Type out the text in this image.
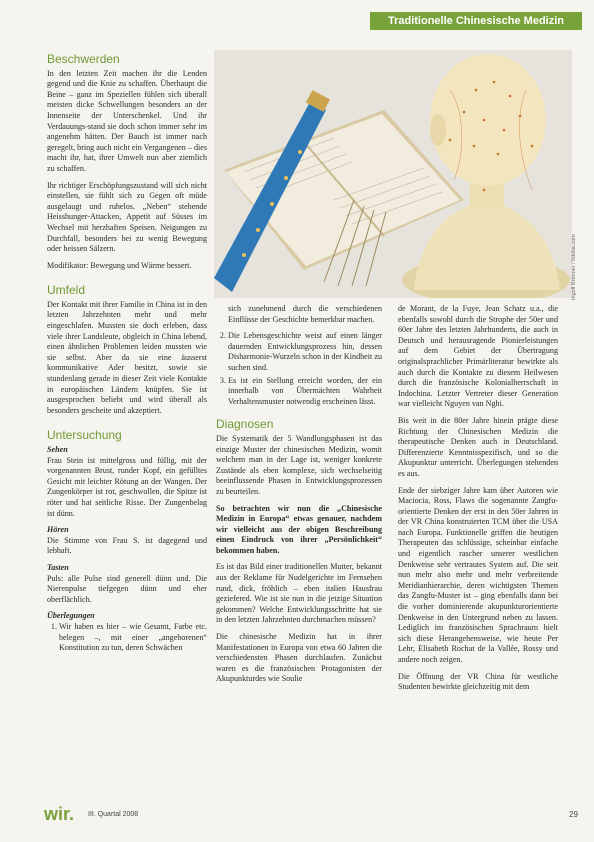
Traditionelle Chinesische Medizin
Ingolf Brönner / fotolia.com
Beschwerden

In den letzten Zeit machen ihr die Lenden gegend und die Knie zu schaffen. Überhaupt die Beine – ganz im Speziellen fühlen sich überall meisten dicke Schwellungen besonders an der Innenseite der Unterschenkel. Und ihr Verdauungs-stand sie doch schon immer sehr im angenehm hätten. Der Bauch ist immer nach geregelt, bring auch nicht ein Vergangenen – dies macht ihr, hat, ihrer Umwelt nun aber ziemlich zu schaffen.

Ihr richtiger Erschöpfungszustand will sich nicht einstellen, sie fühlt sich zu Gegen oft müde ausgelaugt und ruhelos. „Neben“ stehende Heisshunger-Attacken, Appetit auf Süsses im Wechsel mit herzhaften Speisen. Neigungen zu Durchfall, besonders bei zu wenig Bewegung oder heissen Sälzern.

Modifikator: Bewegung und Wärme bessert.

Umfeld

Der Kontakt mit ihrer Familie in China ist in den letzten Jahrzehnten mehr und mehr eingeschlafen. Mussten sie doch erleben, dass viele ihrer Landsleute, obgleich in China lebend, einen ähnlichen Problemen leiden mussten wie sie selbst. Aber da sie eine äusserst kommunikative Ader besitzt, sowie sie stundenlang gerade in dieser Zeit viele Kontakte in europäischen Ländern knüpfen. Sie ist ausgesprochen beliebt und wird überall als besonders gescheite und akzeptiert.

Untersuchung
Sehen

Frau Stein ist mittelgross und füllig, mit der vorgenannten Brust, runder Kopf, ein gefülltes Gesicht mit leichter Rötung an der Wangen. Der Zungenkörper ist rot, geschwollen, die Spitze ist röter und hat seitliche Risse. Der Zungenbelag ist dünn.

Hören

Die Stimme von Frau S. ist dagegend und lebhaft.

Tasten

Puls: alle Pulse sind generell dünn und. Die Nierenpulse tiefgegen dünn und eher oberflächlich.

Überlegungen
1. Wir haben es hier – wie Gesamt, Farbe etc. belegen –, mit einer „angeborenen“ Konstitution zu tun, deren Schwächen

sich zunehmend durch die verschiedenen Einflüsse der Geschichte bemerkbar machen.

2. Die Lebensgeschichte weist auf einen länger dauernden Entwicklungsprozess hin, dessen Disharmonie-Wurzeln schon in der Kindheit zu suchen sind.
3. Es ist ein Stellung erreicht worden, der ein innerhalb von Übermächten Wahrheit Verhaltensmuster notwendig erscheinen lässt.
Diagnosen

Die Systematik der 5 Wandlungsphasen ist das einzige Muster der chinesischen Medizin, womit welchem man in der Lage ist, weniger konkrete Zustände als eben komplexe, sich wechselseitig beeinflussende Phasen in Entwicklungsprozessen zu beurteilen.

So betrachten wir nun die „Chinesische Medizin in Europa“ etwas genauer, nachdem wir vielleicht aus der obigen Beschreibung einen Eindruck von ihrer „Persönlichkeit“ bekommen haben.

Es ist das Bild einer traditionellen Mutter, bekannt aus der Reklame für Nudelgerichte im Fernsehen rund, dick, fröhlich – eben italien Hausfrau geziefered. Wie ist sie nun in die jetzige Situation gekommen? Welche Entwicklungsschritte hat sie in den letzten Jahrzehnten durchmachen müssen?

Die chinesische Medizin hat in ihrer Manifestationen in Europa von etwa 60 Jahren die verschiedensten Phasen durchlaufen. Zunächst waren es die französischen Protagonisten der Akupunkturdes wie Soulie

de Morant, de la Fuye, Jean Schatz u.a., die ebenfalls sowohl durch die Strophe der 50er und 60er Jahre des letzten Jahrhunderts, die auch in Deutsch und herausragende Pionierleistungen auf dem Gebiet der Übertragung originalsprachlicher Primärliteratur bewirkte als auch durch die Kontakte zu diesem Heilwesen durch die französische Kolonialherrschaft in Indochina. Letzter Vertreter dieser Generation war vielleicht Nguyen van Nghi.

Bis weit in die 80er Jahre hinein prägte diese Richtung der Chinesischen Medizin die therapeutische Denken auch in Deutschland. Differenzierte Kenntnisspezifisch, und so die Akupunktur unterricht. Überlegungen stehenden es aus.

Ende der siebziger Jahre kam über Autoren wie Maciocia, Ross, Flaws die sogenannte Zangfu-orientierte Denken der erst in den 50er Jahren in der VR China konstruierten TCM über die USA nach Europa. Funktionelle griffen die heutigen Therapeuten das schlüssige, scheinbar einfache und eigentlich rascher unserer westlichen Denkweise sehr vertrautes System auf. Die seit nun mehr also mehr und mehr verbreitende Meridianhierarchie, deren wichtigsten Themen das Zangfu-Muster ist – ging ebenfalls dann bei die vorher dominierende akupunkturorientierte Denkweise in den Untergrund neben zu lassen. Lediglich im französischen Sprachraum hielt sich diese Herangehensweise, wie heute Per Lehr, Elisabeth Rochat de la Vallée, Rossy und andere noch zeigen.

Die Öffnung der VR China für westliche Studenten bewirkte gleichzeitig mit dem

wir. III. Quartal 2008	29
